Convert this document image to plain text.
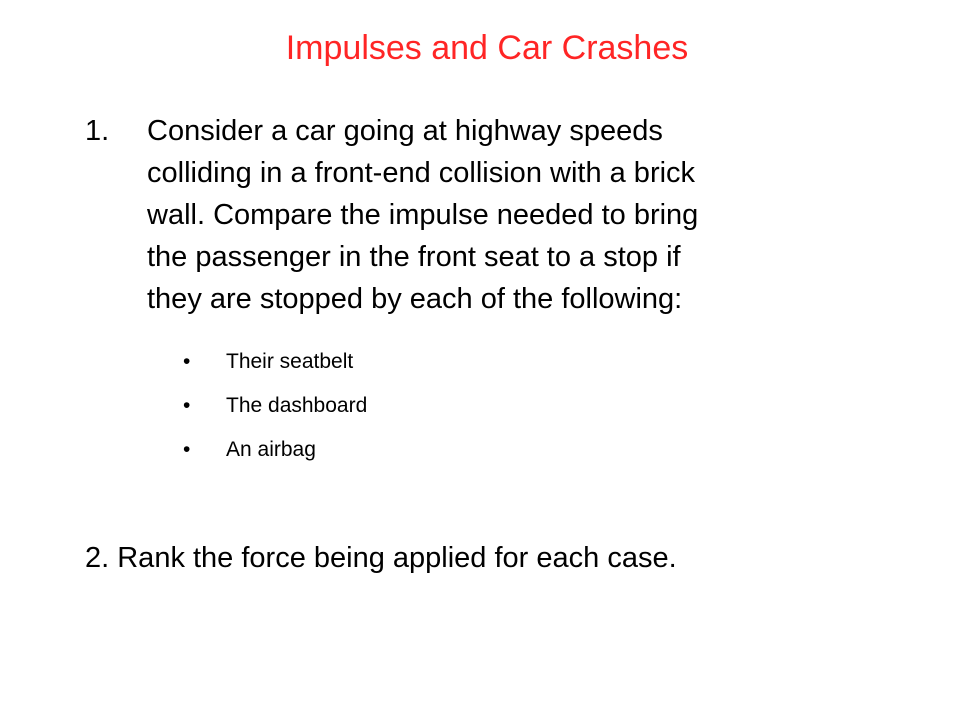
Impulses and Car Crashes
1.	Consider a car going at highway speeds
colliding in a front-end collision with a brick
wall. Compare the impulse needed to bring
the passenger in the front seat to a stop if
they are stopped by each of the following:
• Their seatbelt
• The dashboard
• An airbag
2. Rank the force being applied for each case.
